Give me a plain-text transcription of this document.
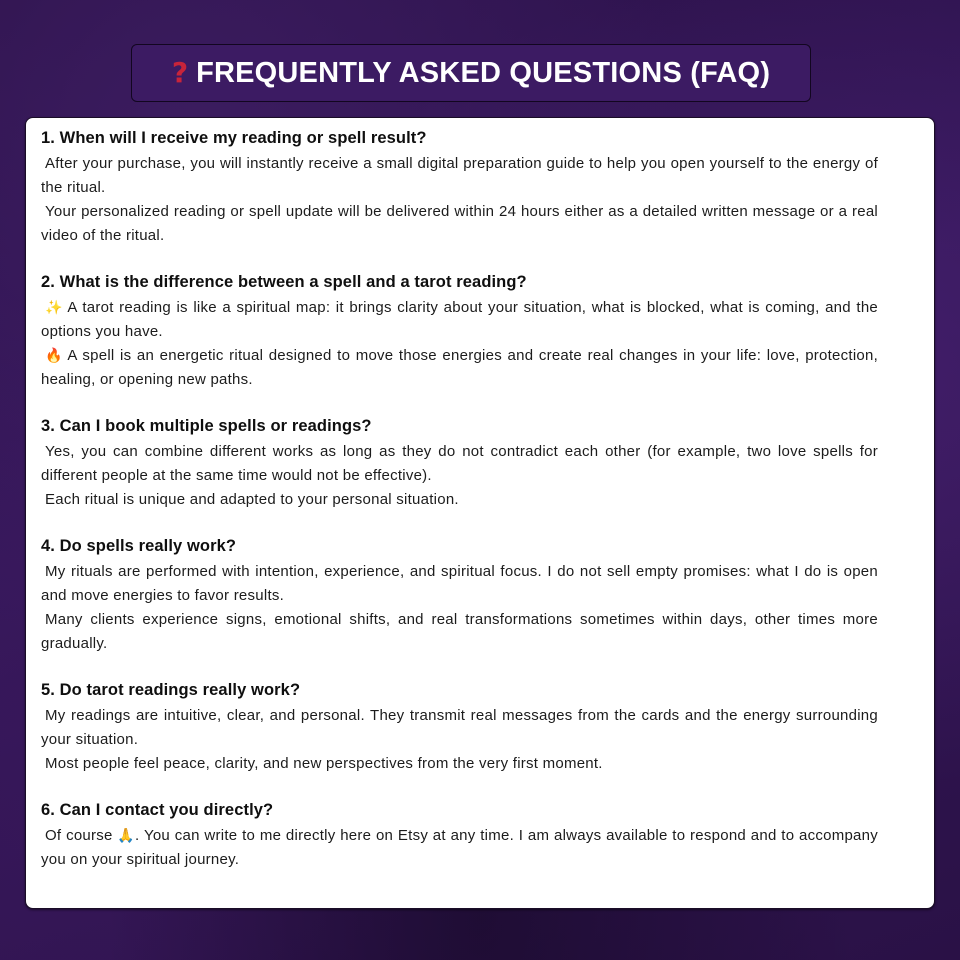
? FREQUENTLY ASKED QUESTIONS (FAQ)

1. When will I receive my reading or spell result?

After your purchase, you will instantly receive a small digital preparation guide to help you open yourself to the energy of the ritual.

Your personalized reading or spell update will be delivered within 24 hours either as a detailed written message or a real video of the ritual.

2. What is the difference between a spell and a tarot reading?

✨ A tarot reading is like a spiritual map: it brings clarity about your situation, what is blocked, what is coming, and the options you have.

🔥 A spell is an energetic ritual designed to move those energies and create real changes in your life: love, protection, healing, or opening new paths.

3. Can I book multiple spells or readings?

Yes, you can combine different works as long as they do not contradict each other (for example, two love spells for different people at the same time would not be effective).

Each ritual is unique and adapted to your personal situation.

4. Do spells really work?

My rituals are performed with intention, experience, and spiritual focus. I do not sell empty promises: what I do is open and move energies to favor results.

Many clients experience signs, emotional shifts, and real transformations sometimes within days, other times more gradually.

5. Do tarot readings really work?

My readings are intuitive, clear, and personal. They transmit real messages from the cards and the energy surrounding your situation.

Most people feel peace, clarity, and new perspectives from the very first moment.

6. Can I contact you directly?

Of course 🙏. You can write to me directly here on Etsy at any time. I am always available to respond and to accompany you on your spiritual journey.
